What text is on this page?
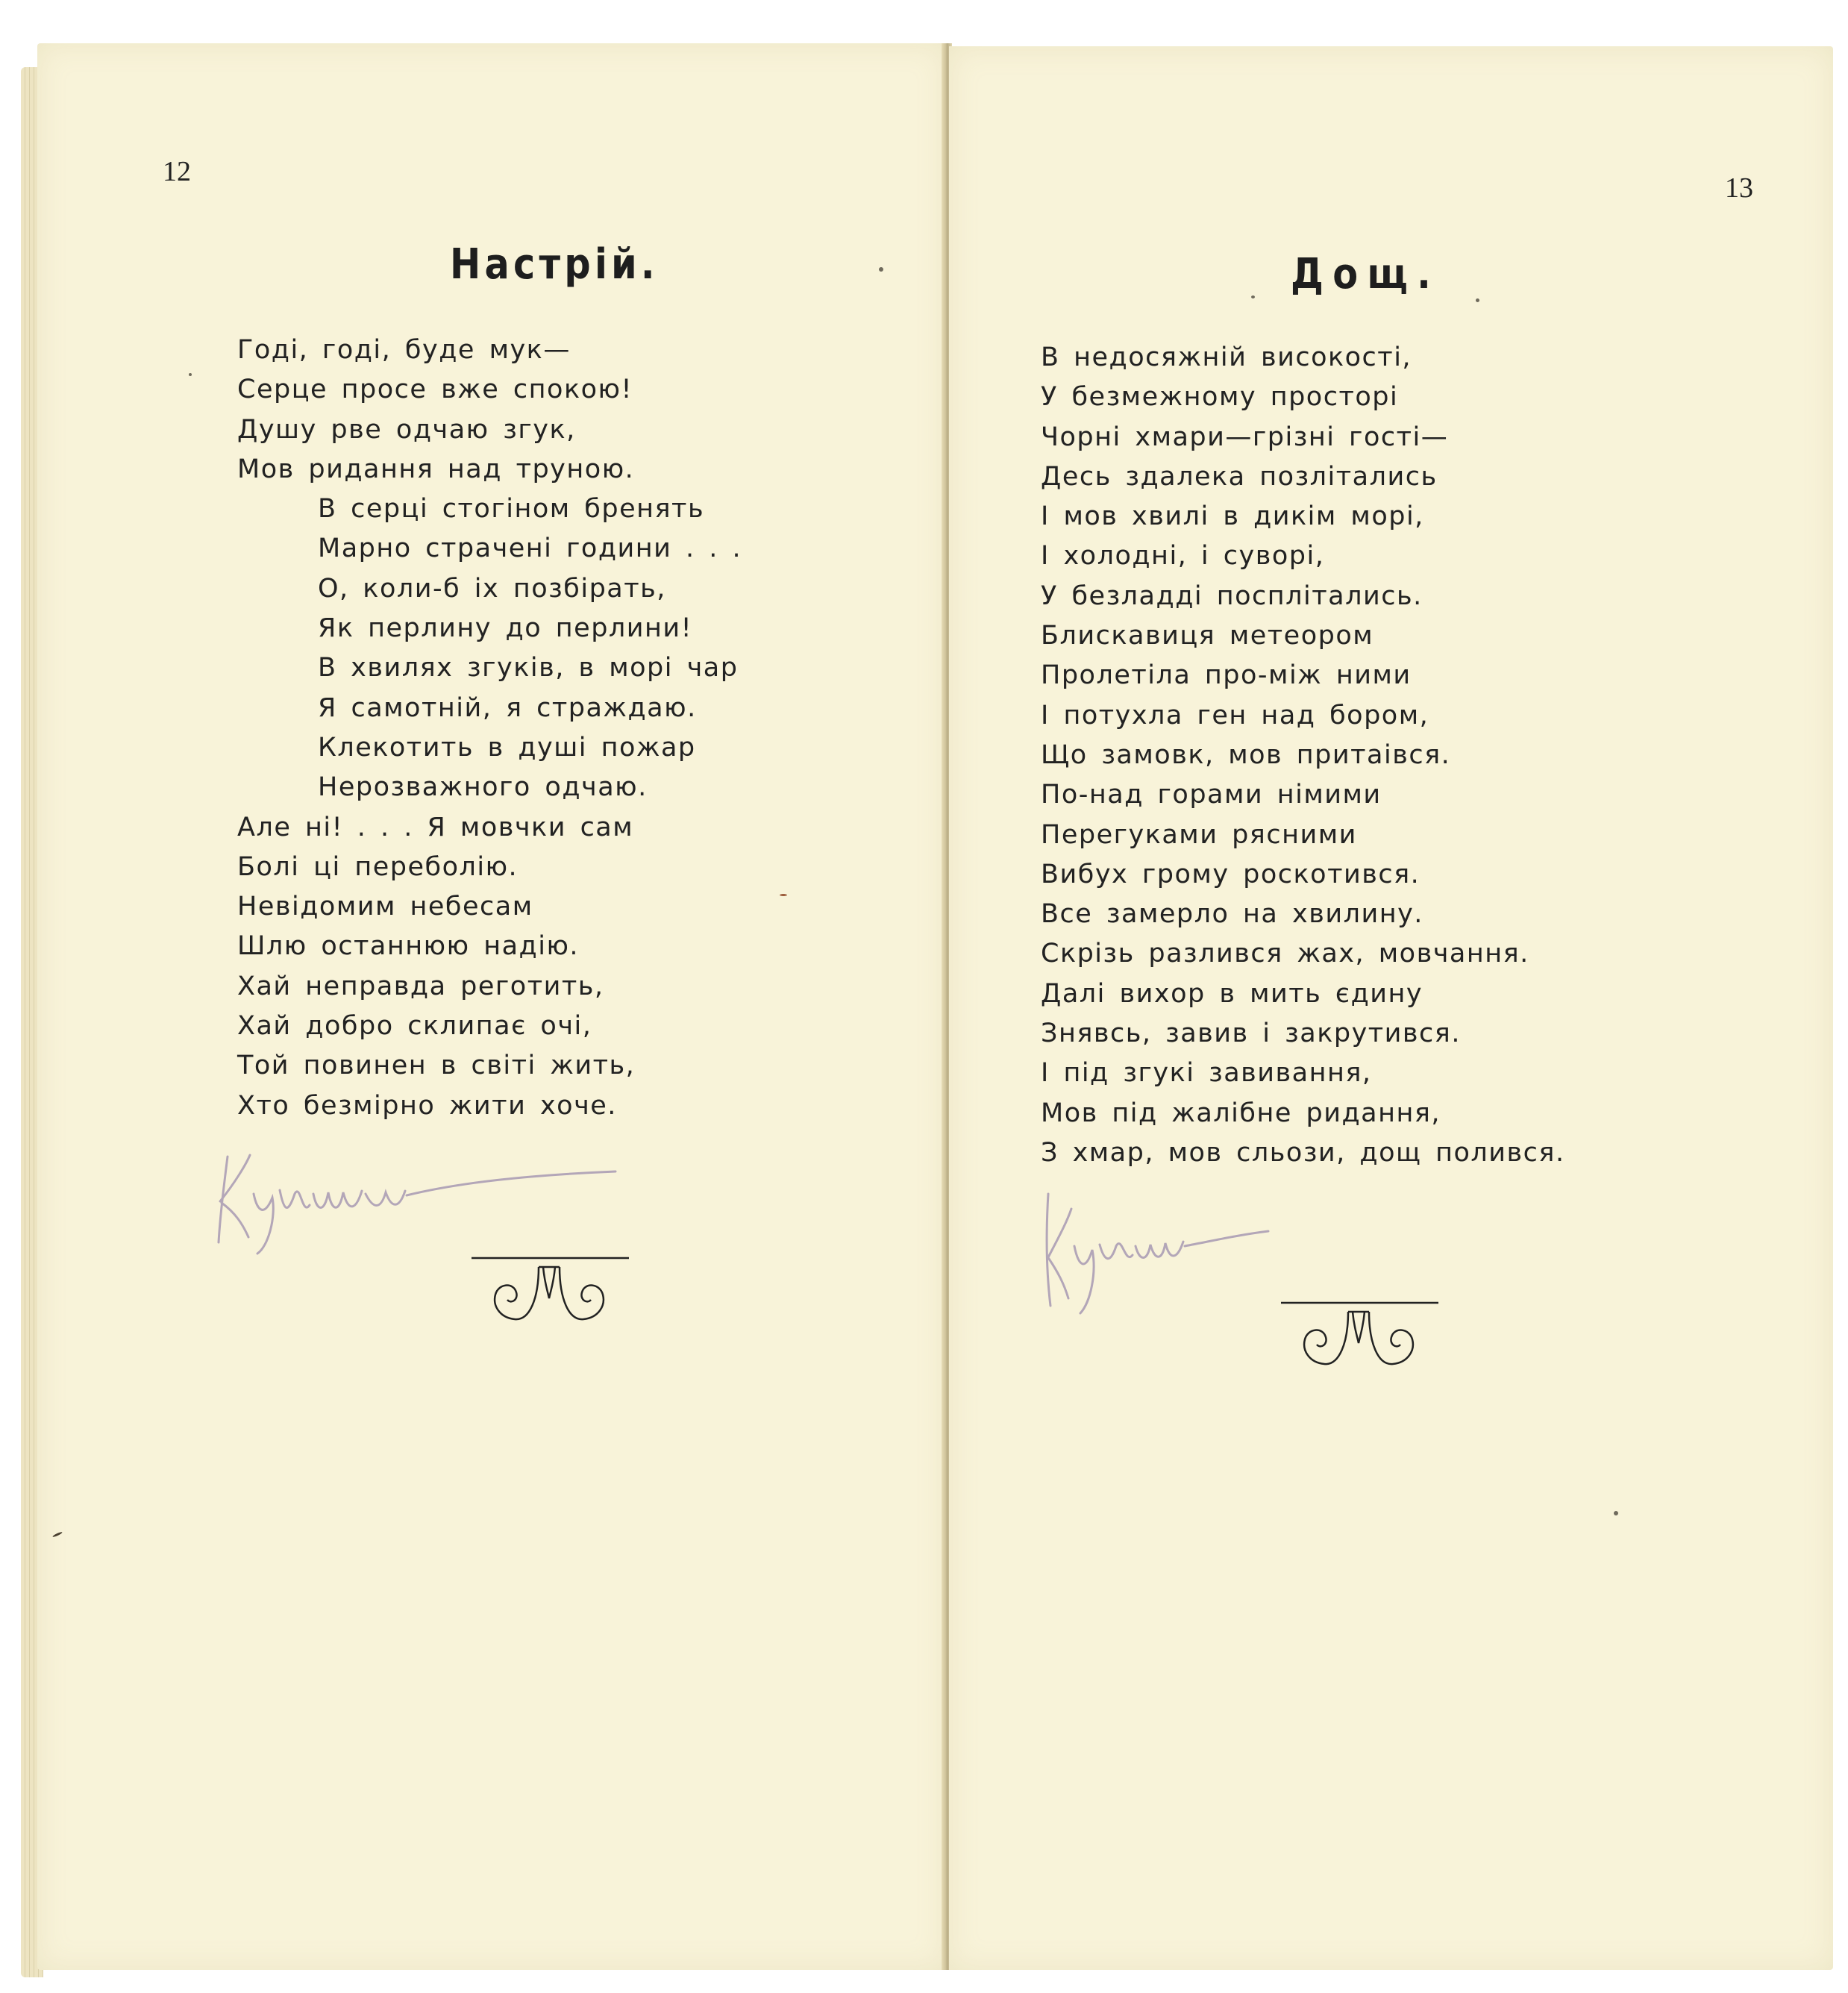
12
Настрій.
Годі, годі, буде мук—
Серце просе вже спокою!
Душу рве одчаю згук,
Мов ридання над труною.
В серці стогіном бренять
Марно страчені години . . .
О, коли-б іх позбірать,
Як перлину до перлини!
В хвилях згуків, в морі чар
Я самотній, я страждаю.
Клекотить в душі пожар
Нерозважного одчаю.
Але ні! . . . Я мовчки сам
Болі ці переболію.
Невідомим небесам
Шлю останнюю надію.
Хай неправда реготить,
Хай добро склипає очі,
Той повинен в світі жить,
Хто безмірно жити хоче.
13
Дощ.
В недосяжній високості,
У безмежному просторі
Чорні хмари—грізні гості—
Десь здалека позлітались
І мов хвилі в дикім морі,
І холодні, і суворі,
У безладді посплітались.
Блискавиця метеором
Пролетіла про-між ними
І потухла ген над бором,
Що замовк, мов притаівся.
По-над горами німими
Перегуками рясними
Вибух грому роскотився.
Все замерло на хвилину.
Скрізь разлився жах, мовчання.
Далі вихор в мить єдину
Знявсь, завив і закрутився.
І під згукі завивання,
Мов під жалібне ридання,
З хмар, мов сльози, дощ полився.
